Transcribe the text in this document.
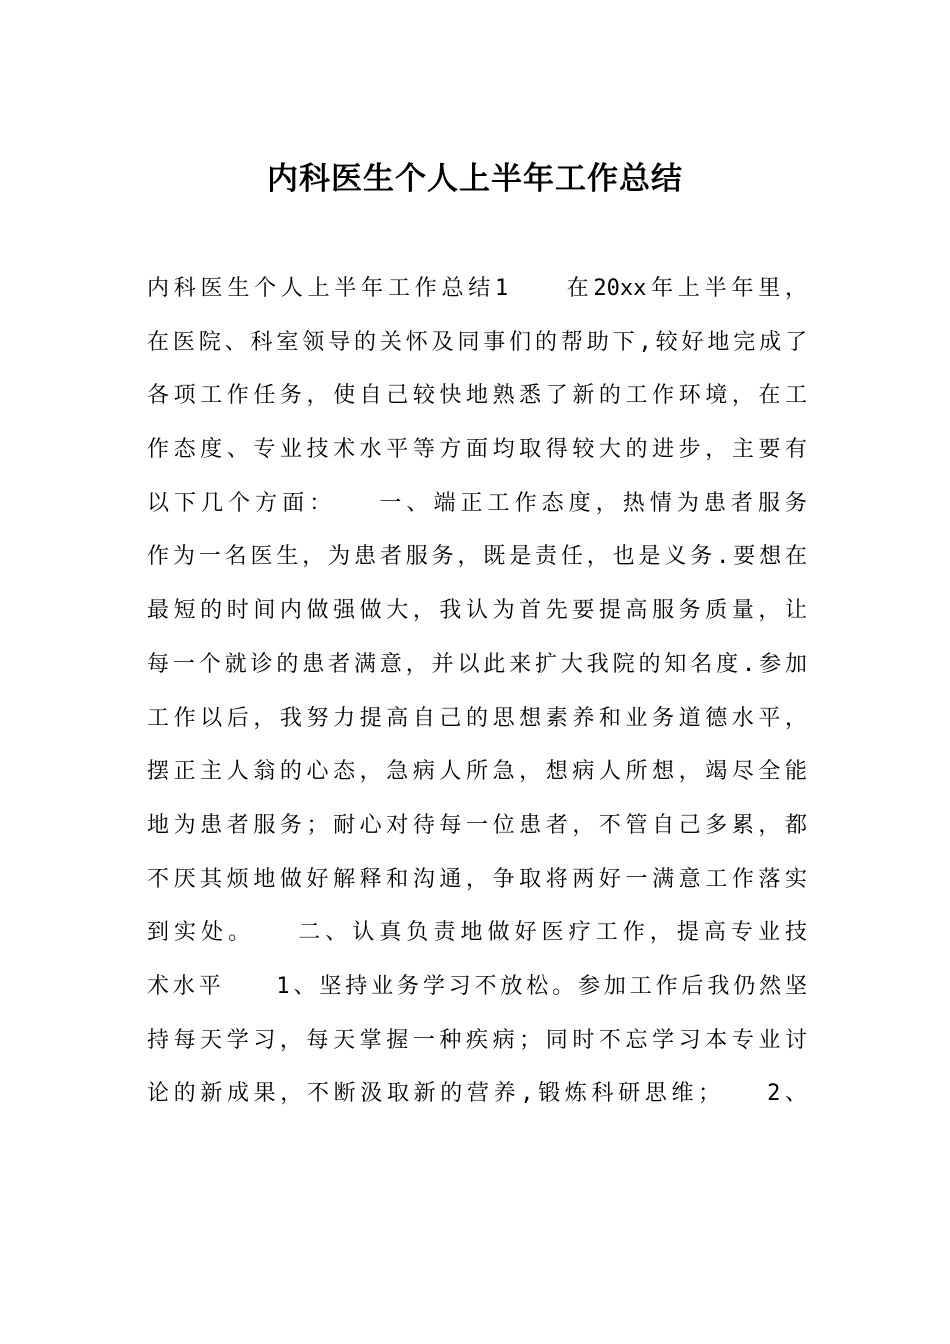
内科医生个人上半年工作总结
内科医生个人上半年工作总结1　　在20xx年上半年里，
在医院、科室领导的关怀及同事们的帮助下,较好地完成了
各项工作任务，使自己较快地熟悉了新的工作环境，在工
作态度、专业技术水平等方面均取得较大的进步，主要有
以下几个方面：　　一、端正工作态度，热情为患者服务
作为一名医生，为患者服务，既是责任，也是义务.要想在
最短的时间内做强做大，我认为首先要提高服务质量，让
每一个就诊的患者满意，并以此来扩大我院的知名度.参加
工作以后，我努力提高自己的思想素养和业务道德水平，
摆正主人翁的心态，急病人所急，想病人所想，竭尽全能
地为患者服务；耐心对待每一位患者，不管自己多累，都
不厌其烦地做好解释和沟通，争取将两好一满意工作落实
到实处。　　二、认真负责地做好医疗工作，提高专业技
术水平　　1、坚持业务学习不放松。参加工作后我仍然坚
持每天学习，每天掌握一种疾病；同时不忘学习本专业讨
论的新成果，不断汲取新的营养,锻炼科研思维；　　2、
